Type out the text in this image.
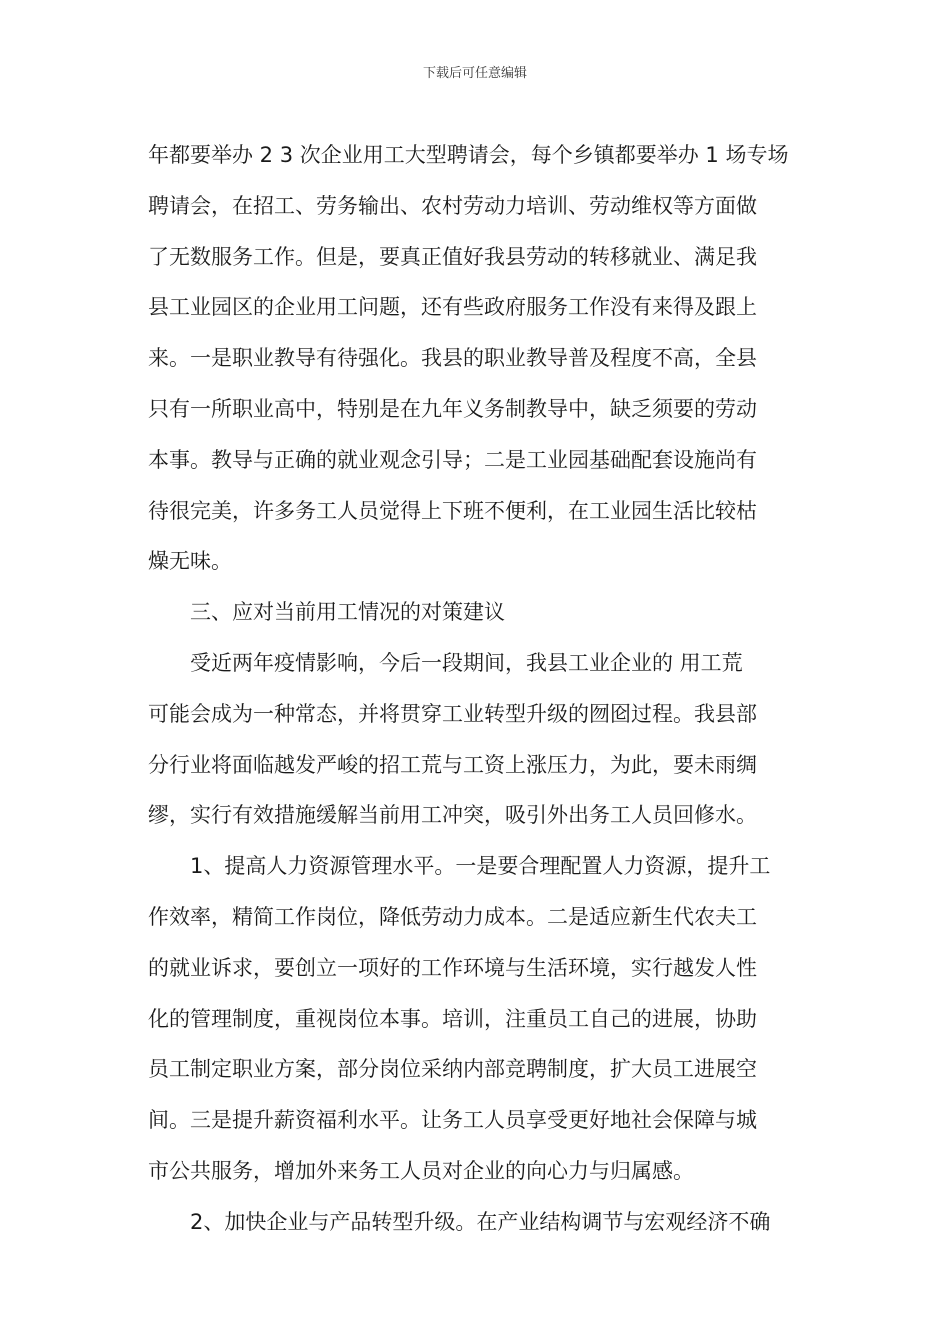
下载后可任意编辑
年都要举办 2 3 次企业用工大型聘请会，每个乡镇都要举办 1 场专场
聘请会，在招工、劳务输出、农村劳动力培训、劳动维权等方面做
了无数服务工作。但是，要真正值好我县劳动的转移就业、满足我
县工业园区的企业用工问题，还有些政府服务工作没有来得及跟上
来。一是职业教导有待强化。我县的职业教导普及程度不高，全县
只有一所职业高中，特别是在九年义务制教导中，缺乏须要的劳动
本事。教导与正确的就业观念引导；二是工业园基础配套设施尚有
待很完美，许多务工人员觉得上下班不便利，在工业园生活比较枯
燥无味。
三、应对当前用工情况的对策建议
受近两年疫情影响，今后一段期间，我县工业企业的 用工荒
可能会成为一种常态，并将贯穿工业转型升级的囫囵过程。我县部
分行业将面临越发严峻的招工荒与工资上涨压力，为此，要未雨绸
缪，实行有效措施缓解当前用工冲突，吸引外出务工人员回修水。
1、提高人力资源管理水平。一是要合理配置人力资源，提升工
作效率，精简工作岗位，降低劳动力成本。二是适应新生代农夫工
的就业诉求，要创立一项好的工作环境与生活环境，实行越发人性
化的管理制度，重视岗位本事。培训，注重员工自己的进展，协助
员工制定职业方案，部分岗位采纳内部竞聘制度，扩大员工进展空
间。三是提升薪资福利水平。让务工人员享受更好地社会保障与城
市公共服务，增加外来务工人员对企业的向心力与归属感。
2、加快企业与产品转型升级。在产业结构调节与宏观经济不确
